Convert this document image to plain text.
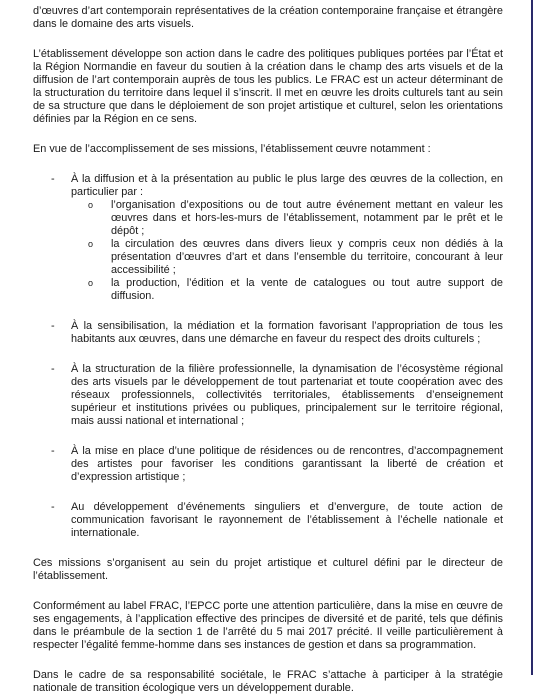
d’œuvres d’art contemporain représentatives de la création contemporaine française et étrangère dans le domaine des arts visuels.

L’établissement développe son action dans le cadre des politiques publiques portées par l’État et la Région Normandie en faveur du soutien à la création dans le champ des arts visuels et de la diffusion de l’art contemporain auprès de tous les publics. Le FRAC est un acteur déterminant de la structuration du territoire dans lequel il s’inscrit. Il met en œuvre les droits culturels tant au sein de sa structure que dans le déploiement de son projet artistique et culturel, selon les orientations définies par la Région en ce sens.

En vue de l’accomplissement de ses missions, l’établissement œuvre notamment :

- À la diffusion et à la présentation au public le plus large des œuvres de la collection, en particulier par :
o l’organisation d’expositions ou de tout autre événement mettant en valeur les œuvres dans et hors-les-murs de l’établissement, notamment par le prêt et le dépôt ;
o la circulation des œuvres dans divers lieux y compris ceux non dédiés à la présentation d’œuvres d’art et dans l’ensemble du territoire, concourant à leur accessibilité ;
o la production, l’édition et la vente de catalogues ou tout autre support de diffusion.
- À la sensibilisation, la médiation et la formation favorisant l’appropriation de tous les habitants aux œuvres, dans une démarche en faveur du respect des droits culturels ;
- À la structuration de la filière professionnelle, la dynamisation de l’écosystème régional des arts visuels par le développement de tout partenariat et toute coopération avec des réseaux professionnels, collectivités territoriales, établissements d’enseignement supérieur et institutions privées ou publiques, principalement sur le territoire régional, mais aussi national et international ;
- À la mise en place d’une politique de résidences ou de rencontres, d’accompagnement des artistes pour favoriser les conditions garantissant la liberté de création et d’expression artistique ;
- Au développement d’événements singuliers et d’envergure, de toute action de communication favorisant le rayonnement de l’établissement à l’échelle nationale et internationale.

Ces missions s’organisent au sein du projet artistique et culturel défini par le directeur de l’établissement.

Conformément au label FRAC, l’EPCC porte une attention particulière, dans la mise en œuvre de ses engagements, à l’application effective des principes de diversité et de parité, tels que définis dans le préambule de la section 1 de l’arrêté du 5 mai 2017 précité. Il veille particulièrement à respecter l’égalité femme-homme dans ses instances de gestion et dans sa programmation.

Dans le cadre de sa responsabilité sociétale, le FRAC s’attache à participer à la stratégie nationale de transition écologique vers un développement durable.
